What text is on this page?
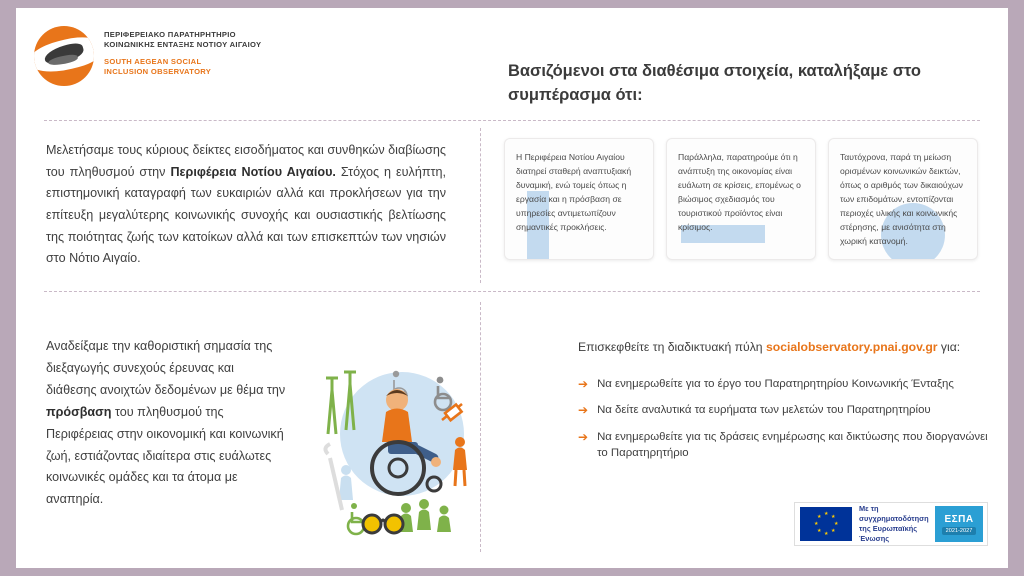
ΠΕΡΙΦΕΡΕΙΑΚΟ ΠΑΡΑΤΗΡΗΤΗΡΙΟ
ΚΟΙΝΩΝΙΚΗΣ ΕΝΤΑΞΗΣ ΝΟΤΙΟΥ ΑΙΓΑΙΟΥ
SOUTH AEGEAN SOCIAL
INCLUSION OBSERVATORY	Βασιζόμενοι στα διαθέσιμα στοιχεία, καταλήξαμε στο συμπέρασμα ότι:
Μελετήσαμε τους κύριους δείκτες εισοδήματος και συνθηκών διαβίωσης του πληθυσμού στην Περιφέρεια Νοτίου Αιγαίου. Στόχος η ευλήπτη, επιστημονική καταγραφή των ευκαιριών αλλά και προκλήσεων για την επίτευξη μεγαλύτερης κοινωνικής συνοχής και ουσιαστικής βελτίωσης της ποιότητας ζωής των κατοίκων αλλά και των επισκεπτών των νησιών στο Νότιο Αιγαίο.
Η Περιφέρεια Νοτίου Αιγαίου διατηρεί σταθερή αναπτυξιακή δυναμική, ενώ τομείς όπως η εργασία και η πρόσβαση σε υπηρεσίες αντιμετωπίζουν σημαντικές προκλήσεις.
Παράλληλα, παρατηρούμε ότι η ανάπτυξη της οικονομίας είναι ευάλωτη σε κρίσεις, επομένως ο βιώσιμος σχεδιασμός του τουριστικού προϊόντος είναι κρίσιμος.
Ταυτόχρονα, παρά τη μείωση ορισμένων κοινωνικών δεικτών, όπως ο αριθμός των δικαιούχων των επιδομάτων, εντοπίζονται περιοχές υλικής και κοινωνικής στέρησης, με ανισότητα στη χωρική κατανομή.
Αναδείξαμε την καθοριστική σημασία της διεξαγωγής συνεχούς έρευνας και διάθεσης ανοιχτών δεδομένων με θέμα την πρόσβαση του πληθυσμού της Περιφέρειας στην οικονομική και κοινωνική ζωή, εστιάζοντας ιδιαίτερα στις ευάλωτες κοινωνικές ομάδες και τα άτομα με αναπηρία.
Επισκεφθείτε τη διαδικτυακή πύλη socialobservatory.pnai.gov.gr για:
➔ Να ενημερωθείτε για το έργο του Παρατηρητηρίου Κοινωνικής Ένταξης
➔ Να δείτε αναλυτικά τα ευρήματα των μελετών του Παρατηρητηρίου
➔ Να ενημερωθείτε για τις δράσεις ενημέρωσης και δικτύωσης που διοργανώνει το Παρατηρητήριο
★ ★
★
★
★
★
★
★
Με τη συγχρηματοδότηση
της Ευρωπαϊκής Ένωσης
ΕΣΠΑ
2021-2027
